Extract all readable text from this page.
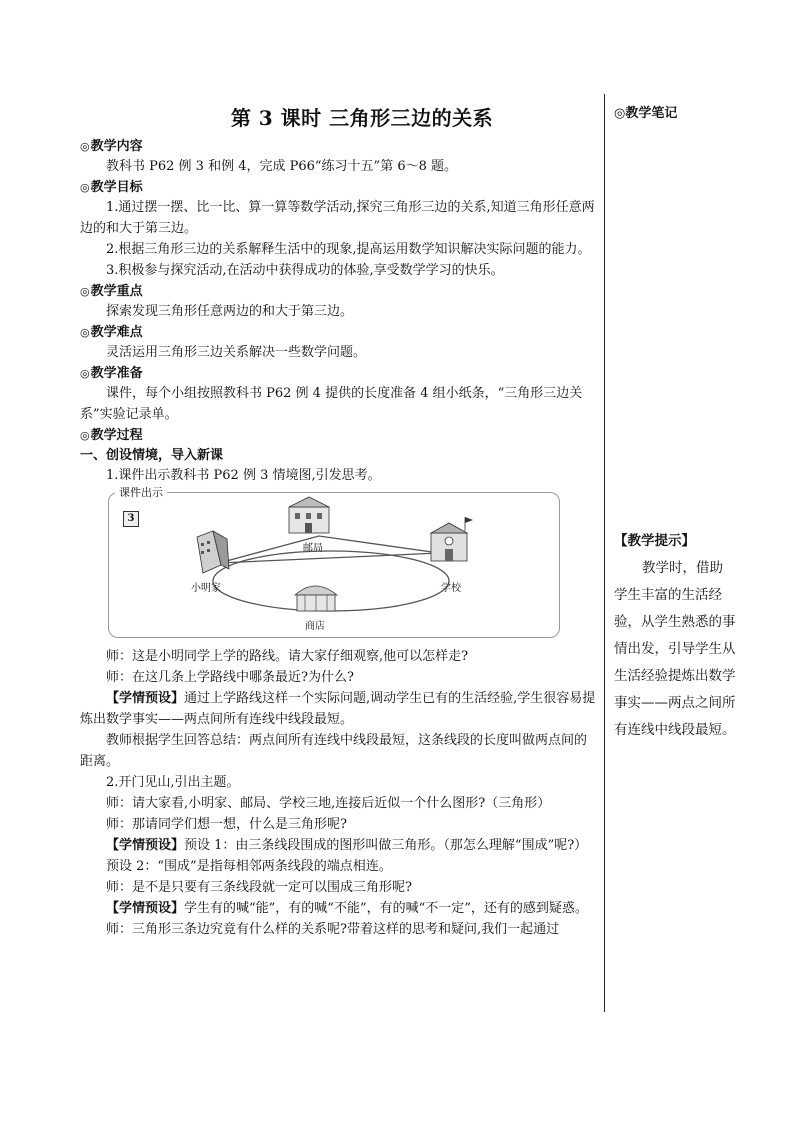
第 3 课时 三角形三边的关系
◎教学内容

教科书 P62 例 3 和例 4，完成 P66“练习十五”第 6～8 题。

◎教学目标

1.通过摆一摆、比一比、算一算等数学活动,探究三角形三边的关系,知道三角形任意两边的和大于第三边。

2.根据三角形三边的关系解释生活中的现象,提高运用数学知识解决实际问题的能力。

3.积极参与探究活动,在活动中获得成功的体验,享受数学学习的快乐。

◎教学重点

探索发现三角形任意两边的和大于第三边。

◎教学难点

灵活运用三角形三边关系解决一些数学问题。

◎教学准备

课件，每个小组按照教科书 P62 例 4 提供的长度准备 4 组小纸条，“三角形三边关系”实验记录单。

◎教学过程
一、创设情境，导入新课

1.课件出示教科书 P62 例 3 情境图,引发思考。

课件出示
3
小明家
邮局
学校
商店

师：这是小明同学上学的路线。请大家仔细观察,他可以怎样走?

师：在这几条上学路线中哪条最近?为什么?

【学情预设】通过上学路线这样一个实际问题,调动学生已有的生活经验,学生很容易提炼出数学事实——两点间所有连线中线段最短。

教师根据学生回答总结：两点间所有连线中线段最短，这条线段的长度叫做两点间的距离。

2.开门见山,引出主题。

师：请大家看,小明家、邮局、学校三地,连接后近似一个什么图形?（三角形）

师：那请同学们想一想，什么是三角形呢?

【学情预设】预设 1：由三条线段围成的图形叫做三角形。（那怎么理解“围成”呢?）

预设 2：“围成”是指每相邻两条线段的端点相连。

师：是不是只要有三条线段就一定可以围成三角形呢?

【学情预设】学生有的喊“能”，有的喊“不能”，有的喊“不一定”，还有的感到疑惑。

师：三角形三条边究竟有什么样的关系呢?带着这样的思考和疑问,我们一起通过

◎教学笔记
【教学提示】
教学时，借助学生丰富的生活经验，从学生熟悉的事情出发，引导学生从生活经验提炼出数学事实——两点之间所有连线中线段最短。
